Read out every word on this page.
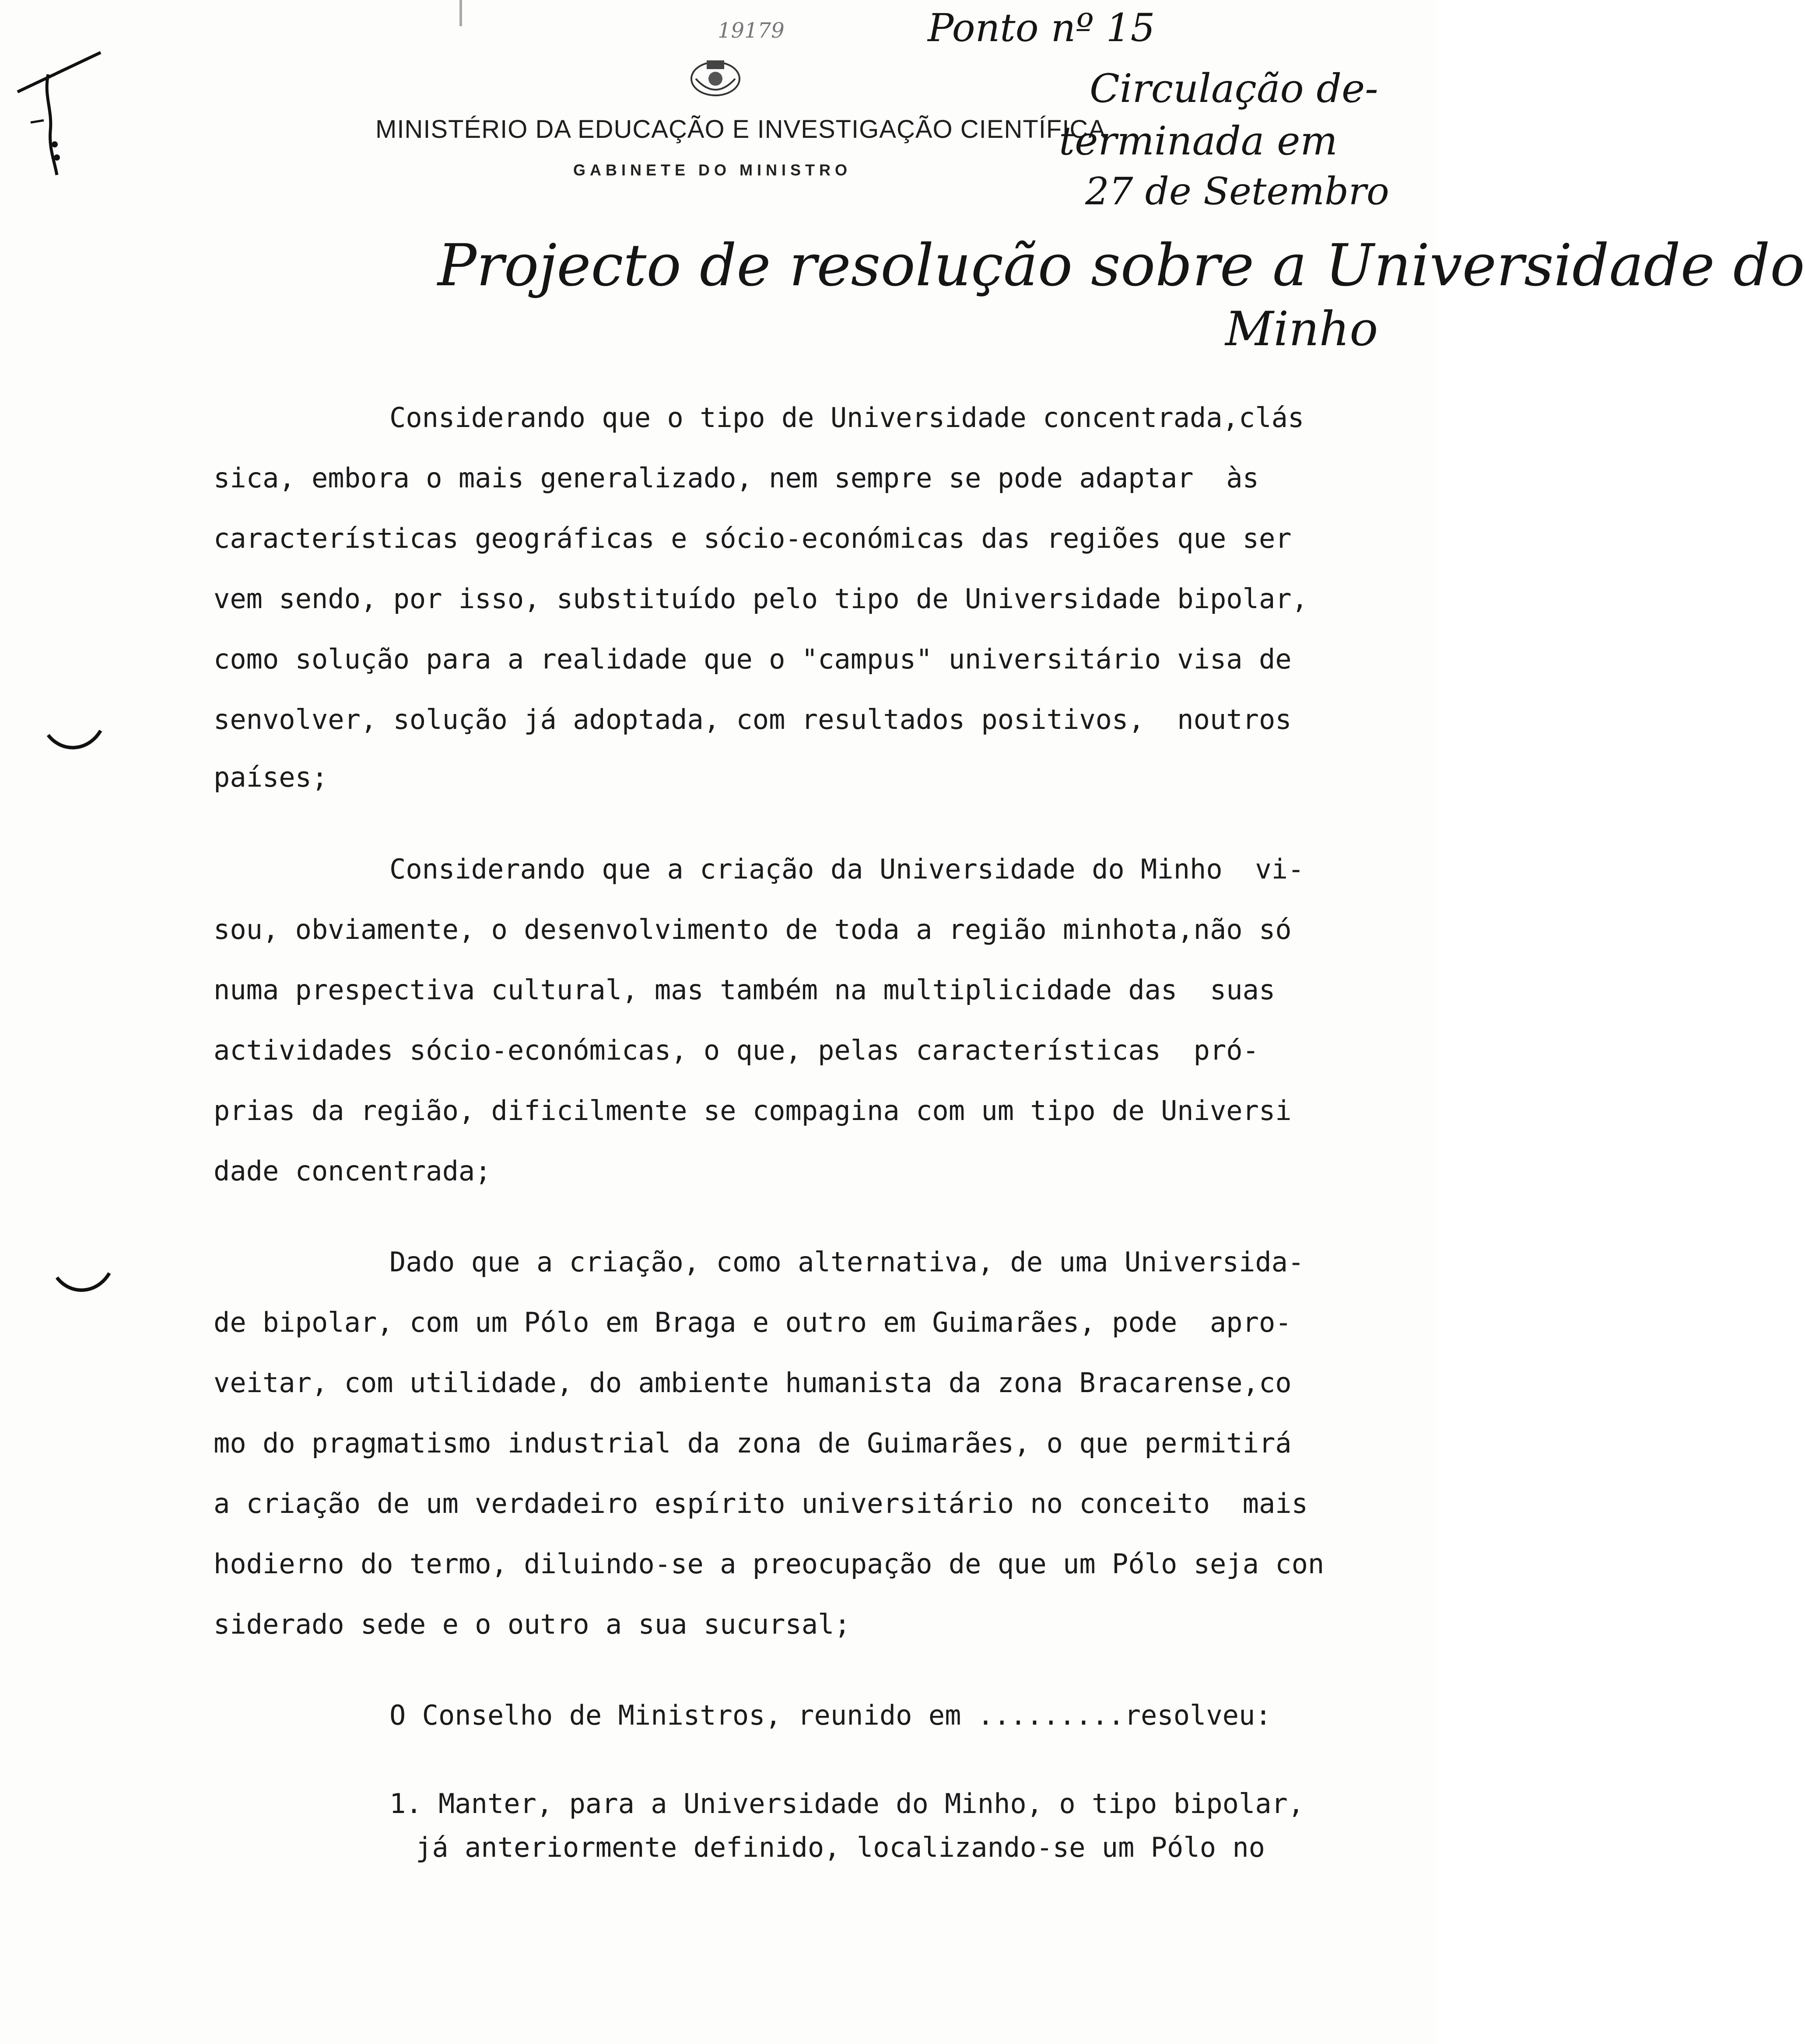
MINISTÉRIO DA EDUCAÇÃO E INVESTIGAÇÃO CIENTÍFICA
GABINETE DO MINISTRO
19179	Ponto nº 15
Circulação de-
terminada em
27 de Setembro
Projecto de resolução sobre a Universidade do
Minho

Considerando que o tipo de Universidade concentrada,clás

sica, embora o mais generalizado, nem sempre se pode adaptar  às

características geográficas e sócio-económicas das regiões que ser

vem sendo, por isso, substituído pelo tipo de Universidade bipolar,

como solução para a realidade que o "campus" universitário visa de

senvolver, solução já adoptada, com resultados positivos,  noutros

países;

Considerando que a criação da Universidade do Minho  vi-

sou, obviamente, o desenvolvimento de toda a região minhota,não só

numa prespectiva cultural, mas também na multiplicidade das  suas

actividades sócio-económicas, o que, pelas características  pró-

prias da região, dificilmente se compagina com um tipo de Universi

dade concentrada;

Dado que a criação, como alternativa, de uma Universida-

de bipolar, com um Pólo em Braga e outro em Guimarães, pode  apro-

veitar, com utilidade, do ambiente humanista da zona Bracarense,co

mo do pragmatismo industrial da zona de Guimarães, o que permitirá

a criação de um verdadeiro espírito universitário no conceito  mais

hodierno do termo, diluindo-se a preocupação de que um Pólo seja con

siderado sede e o outro a sua sucursal;

O Conselho de Ministros, reunido em .........resolveu:

1. Manter, para a Universidade do Minho, o tipo bipolar,

já anteriormente definido, localizando-se um Pólo no
